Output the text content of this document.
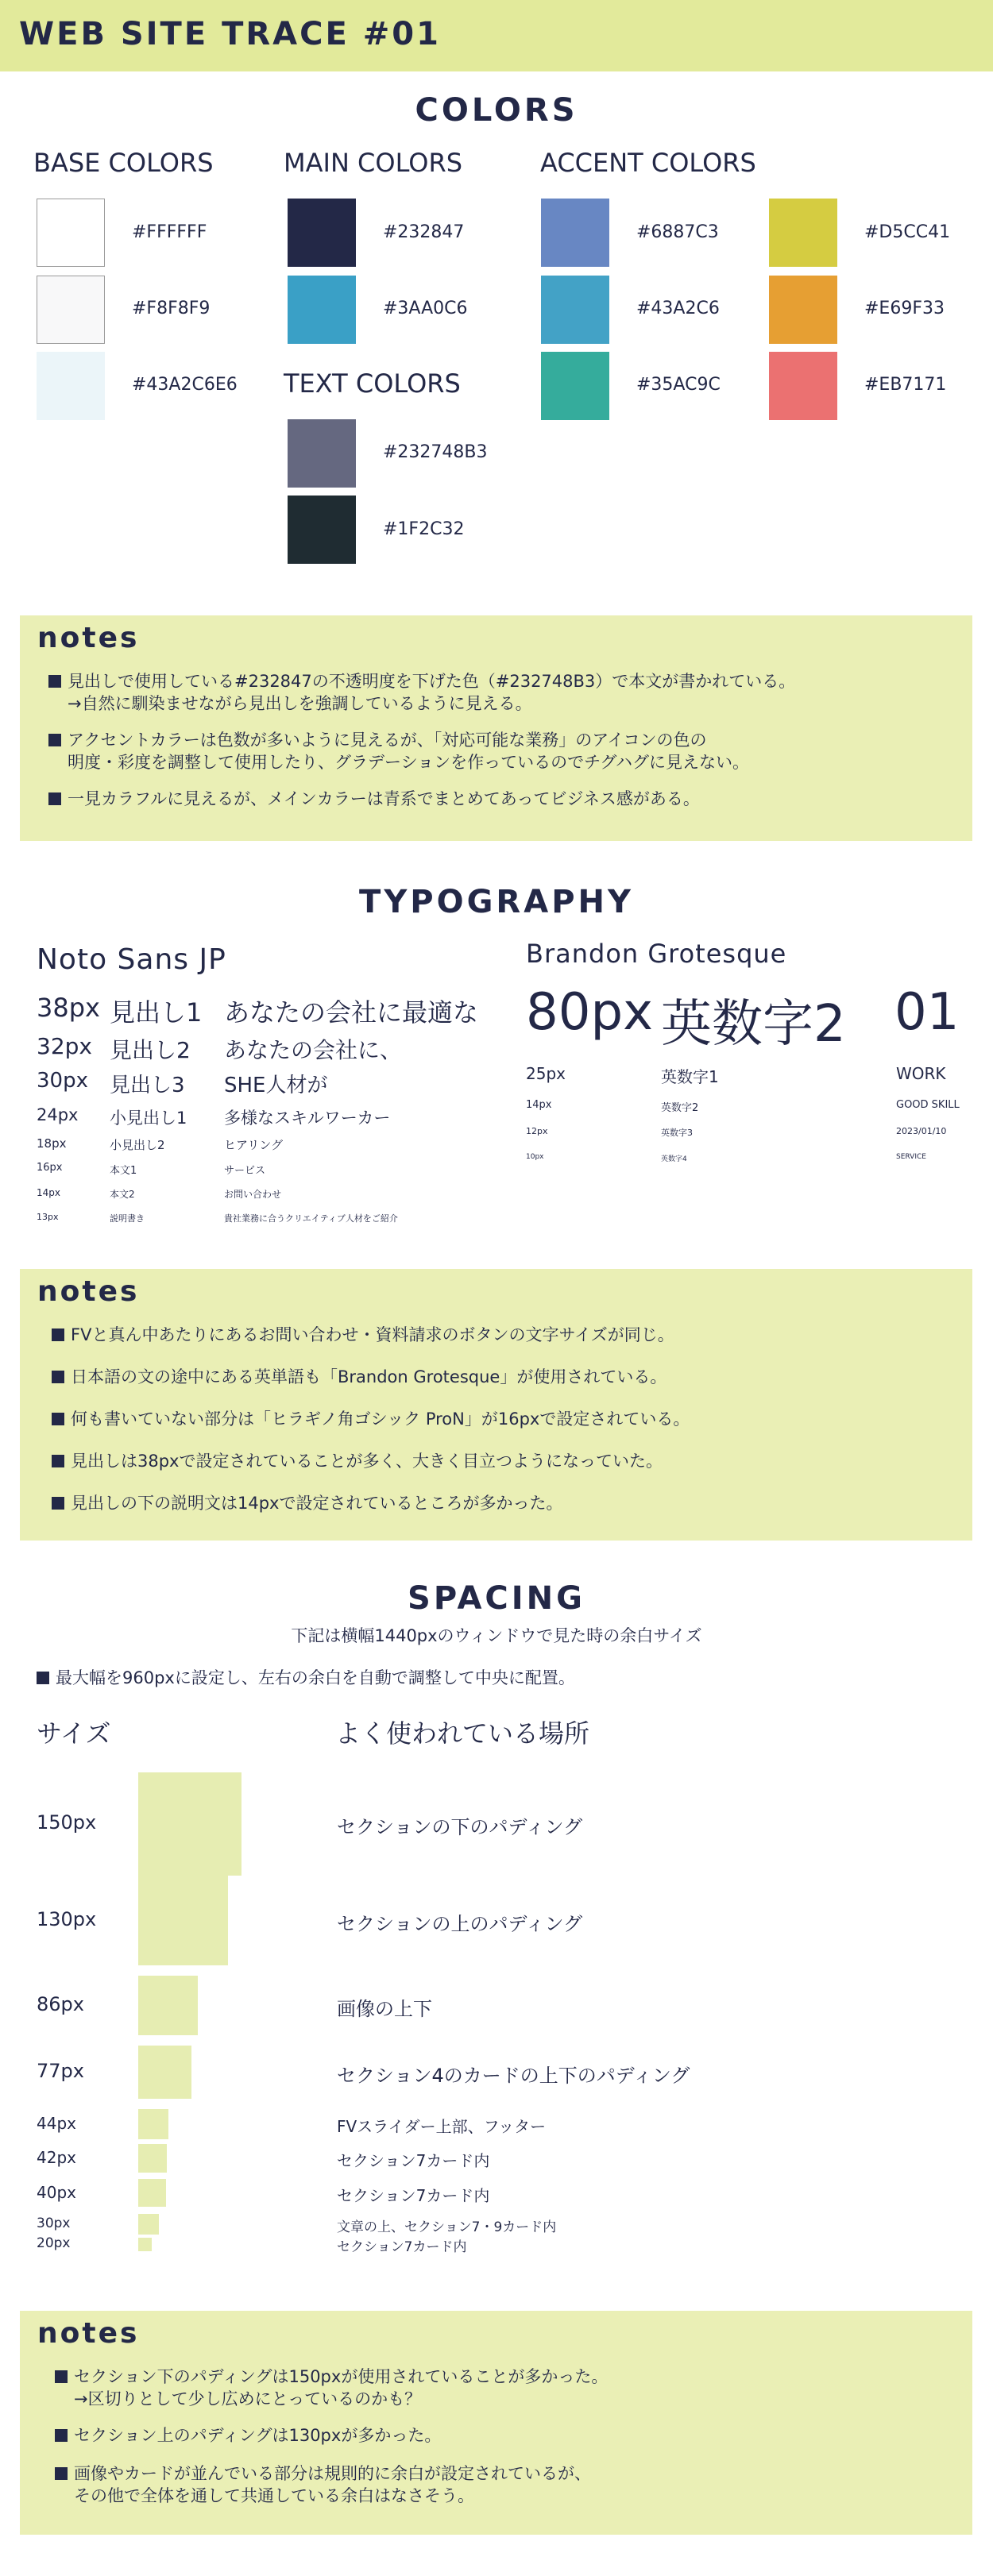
WEB SITE TRACE #01
COLORS
BASE COLORS	MAIN COLORS	ACCENT COLORS
TEXT COLORS
#FFFFFF
#F8F8F9
#43A2C6E6
#232847
#3AA0C6
#232748B3
#1F2C32
#6887C3	#D5CC41
#43A2C6	#E69F33
#35AC9C	#EB7171
notes
見出しで使用している#232847の不透明度を下げた色（#232748B3）で本文が書かれている。
→自然に馴染ませながら見出しを強調しているように見える。
アクセントカラーは色数が多いように見えるが、「対応可能な業務」のアイコンの色の
明度・彩度を調整して使用したり、グラデーションを作っているのでチグハグに見えない。
一見カラフルに見えるが、メインカラーは青系でまとめてあってビジネス感がある。
TYPOGRAPHY
Noto Sans JP
38px 見出し1 あなたの会社に最適な
32px 見出し2 あなたの会社に、
30px 見出し3 SHE人材が
24px 小見出し1 多様なスキルワーカー
18px	小見出し2	ヒアリング
16px	本文1	サービス
14px	本文2	お問い合わせ
13px	説明書き	貴社業務に合うクリエイティブ人材をご紹介
Brandon Grotesque
80px 英数字2 01
25px	英数字1	WORK
14px	英数字2	GOOD SKILL
12px	英数字3	2023/01/10
10px	英数字4	SERVICE
notes
FVと真ん中あたりにあるお問い合わせ・資料請求のボタンの文字サイズが同じ。
日本語の文の途中にある英単語も「Brandon Grotesque」が使用されている。
何も書いていない部分は「ヒラギノ角ゴシック ProN」が16pxで設定されている。
見出しは38pxで設定されていることが多く、大きく目立つようになっていた。
見出しの下の説明文は14pxで設定されているところが多かった。
SPACING
下記は横幅1440pxのウィンドウで見た時の余白サイズ
最大幅を960pxに設定し、左右の余白を自動で調整して中央に配置。
サイズ	よく使われている場所
150px	セクションの下のパディング
130px	セクションの上のパディング
86px	画像の上下
77px	セクション4のカードの上下のパディング
44px	FVスライダー上部、フッター
42px	セクション7カード内
40px	セクション7カード内
30px	文章の上、セクション7・9カード内
20px	セクション7カード内
notes
セクション下のパディングは150pxが使用されていることが多かった。
→区切りとして少し広めにとっているのかも？
セクション上のパディングは130pxが多かった。
画像やカードが並んでいる部分は規則的に余白が設定されているが、
その他で全体を通して共通している余白はなさそう。
